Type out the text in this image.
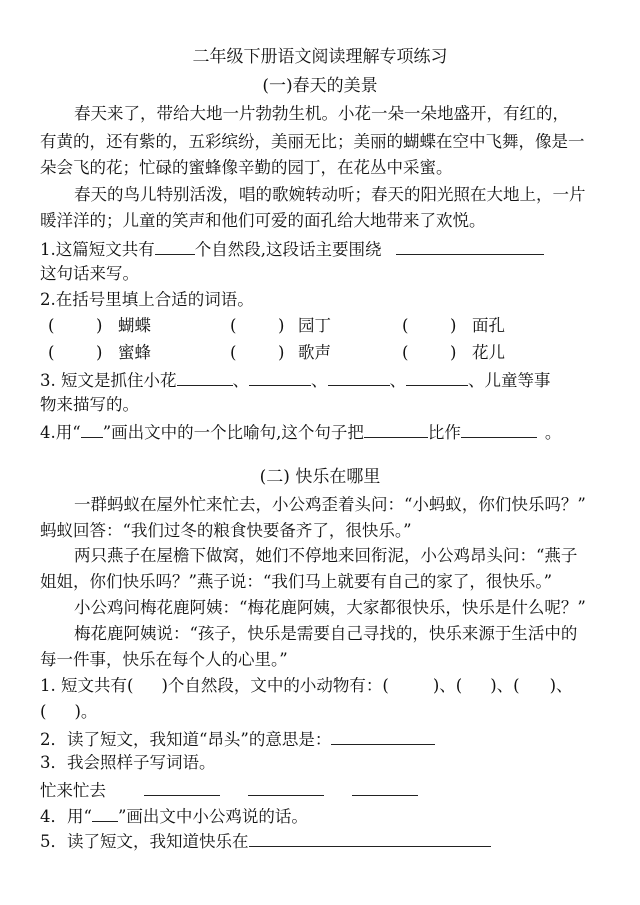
二年级下册语文阅读理解专项练习
(一)春天的美景
春天来了，带给大地一片勃勃生机。小花一朵一朵地盛开，有红的，
有黄的，还有紫的，五彩缤纷，美丽无比；美丽的蝴蝶在空中飞舞，像是一
朵会飞的花；忙碌的蜜蜂像辛勤的园丁，在花丛中采蜜。
春天的鸟儿特别活泼，唱的歌婉转动听；春天的阳光照在大地上，一片
暖洋洋的；儿童的笑声和他们可爱的面孔给大地带来了欢悦。
1.这篇短文共有 个自然段,这段话主要围绕
这句话来写。
2.在括号里填上合适的词语。
(	) 蝴蝶	(	) 园丁	(	) 面孔
(	) 蜜蜂	(	) 歌声	(	) 花儿
3. 短文是抓住小花	、	、	、	、儿童等事
物来描写的。
4.用“ ”画出文中的一个比喻句,这个句子把	比作	。
(二) 快乐在哪里
一群蚂蚁在屋外忙来忙去，小公鸡歪着头问：“小蚂蚁，你们快乐吗？”
蚂蚁回答：“我们过冬的粮食快要备齐了，很快乐。”
两只燕子在屋檐下做窝，她们不停地来回衔泥，小公鸡昂头问：“燕子
姐姐，你们快乐吗？”燕子说：“我们马上就要有自己的家了，很快乐。”
小公鸡问梅花鹿阿姨：“梅花鹿阿姨，大家都很快乐，快乐是什么呢？”
梅花鹿阿姨说：“孩子，快乐是需要自己寻找的，快乐来源于生活中的
每一件事，快乐在每个人的心里。”
1. 短文共有( )个自然段，文中的小动物有：(	)、( )、( )、
( )。
2．读了短文，我知道“昂头”的意思是：
3．我会照样子写词语。
忙来忙去
4．用“ ”画出文中小公鸡说的话。
5．读了短文，我知道快乐在
